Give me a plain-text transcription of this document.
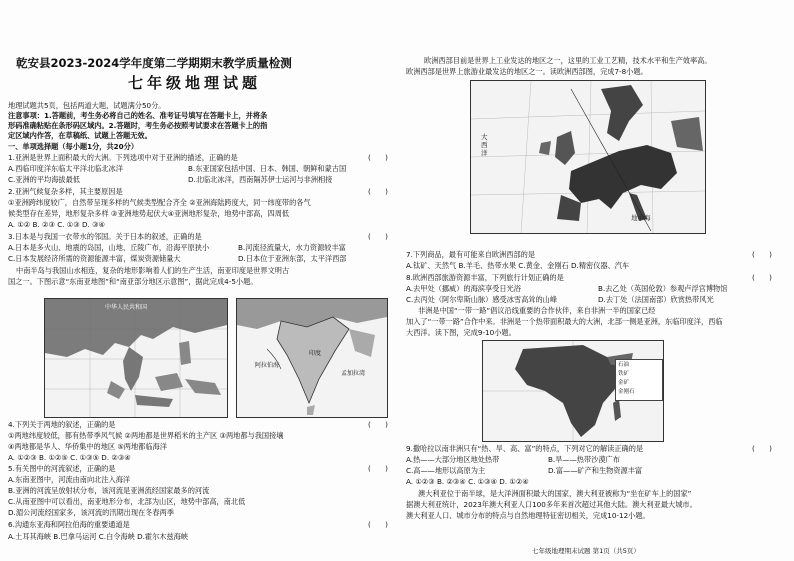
乾安县2023-2024学年度第二学期期末教学质量检测
七年级地理试题
地理试题共5页，包括两道大题，试题满分50分。
注意事项：1.答题前，考生务必将自己的姓名、准考证号填写在答题卡上，并将条
形码准确粘贴在条形码区域内。2.答题时，考生务必按照考试要求在答题卡上的指
定区域内作答，在草稿纸、试题上答题无效。
一、单项选择题（每小题1分，共20分）
1.亚洲是世界上面积最大的大洲。下列选项中对于亚洲的描述，正确的是	(　　)
A.西临印度洋东临太平洋北临北冰洋	B.东亚国家包括中国、日本、韩国、朝鲜和蒙古国
C.亚洲的平均海拔最低	D.北临北冰洋，西南隔苏伊士运河与非洲相接
2.亚洲气候复杂多样，其主要原因是	(　　)
①亚洲跨纬度较广，自然带呈现多样的气候类型配合齐全 ②亚洲海陆跨度大，同一纬度带的各气
候类型存在差异，地形复杂多样 ③亚洲地势起伏大④亚洲地形复杂，地势中部高，四周低
A. ①② B. ②③ C. ①③ D. ③④
3.日本是与我国一衣带水的邻国。关于日本的叙述，正确的是	(　　)
A.日本是多火山、地震的岛国，山地、丘陵广布，沿海平原狭小	B.河流径流量大，水力资源较丰富
C.日本发展经济所需的资源能源丰富，煤炭资源储量大	D.日本位于亚洲东部，太平洋西部
中南半岛与我国山水相连，复杂的地形影响着人们的生产生活，南亚印度是世界文明古
国之一。下图示意“东南亚地图”和“南亚部分地区示意图”，据此完成4-5小题。
中华人民共和国
阿拉伯海
孟加拉湾
印度
4.下列关于两地的叙述，正确的是	(　　)
①两地纬度较低，都有热带季风气候 ②两地都是世界稻米的主产区 ③两地都与我国接壤
④两地都是华人、华侨集中的地区 ⑤两地都临海洋
A. ①②③ B. ①②⑤ C. ①③⑤ D. ②③④
5.有关图中的河流叙述，正确的是	(　　)
A.东南亚图中，河流由南向北注入海洋
B.亚洲的河流呈放射状分布，该河流是亚洲流经国家最多的河流
C.从南亚图中可以看出，南亚地形分布，北部为山区，地势中部高，南北低
D.湄公河流经国家多，该河流的汛期出现在冬春两季
6.沟通东亚海和阿拉伯海的重要通道是	(　　)
A.土耳其海峡 B.巴拿马运河 C.白令海峡 D.霍尔木兹海峡
欧洲西部目前是世界上工业发达的地区之一，这里的工业工艺精，技术水平和生产效率高。
欧洲西部是世界上旅游业最发达的地区之一。读欧洲西部图，完成7-8小题。
大西洋
地中海
7.下列商品，最有可能来自欧洲西部的是	(　　)
A.钛矿、天然气 B.羊毛、热带水果 C.黄金、金刚石 D.精密仪器、汽车
8.欧洲西部旅游资源丰富，下列旅行计划正确的是	(　　)
A.去甲处（挪威）的海滨享受日光浴	B.去乙处（英国伦敦）参观卢浮宫博物馆
C.去丙处（阿尔卑斯山脉）感受冰雪高耸的山峰	D.去丁处（法国南部）欣赏热带风光
非洲是中国“一带一路”倡议沿线重要的合作伙伴，来自非洲一半的国家已经
加入了“一带一路”合作中来。非洲是一个热带面积最大的大洲，北部一侧是亚洲，东临印度洋，西临
大西洋。读下图，完成9-10小题。
石油
铁矿
金矿
金刚石
9.撒哈拉以南非洲只有“热、旱、高、富”的特点，下列对它的解读正确的是	(　　)
A.热——大部分地区地处热带	B.旱——热带沙漠广布
C.高——地形以高原为主	D.富——矿产和生物资源丰富
A. ①②③ B. ②③④ C. ①③④ D. ①②④
澳大利亚位于南半球，是大洋洲面积最大的国家，澳大利亚被称为“坐在矿车上的国家”
据澳大利亚统计，2023年澳大利亚人口100多年来首次超过其他大陆。澳大利亚最大城市。
澳大利亚人口、城市分布的特点与自然地理特征密切相关，完成10-12小题。
七年级地理期末试题 第1页（共5页）
